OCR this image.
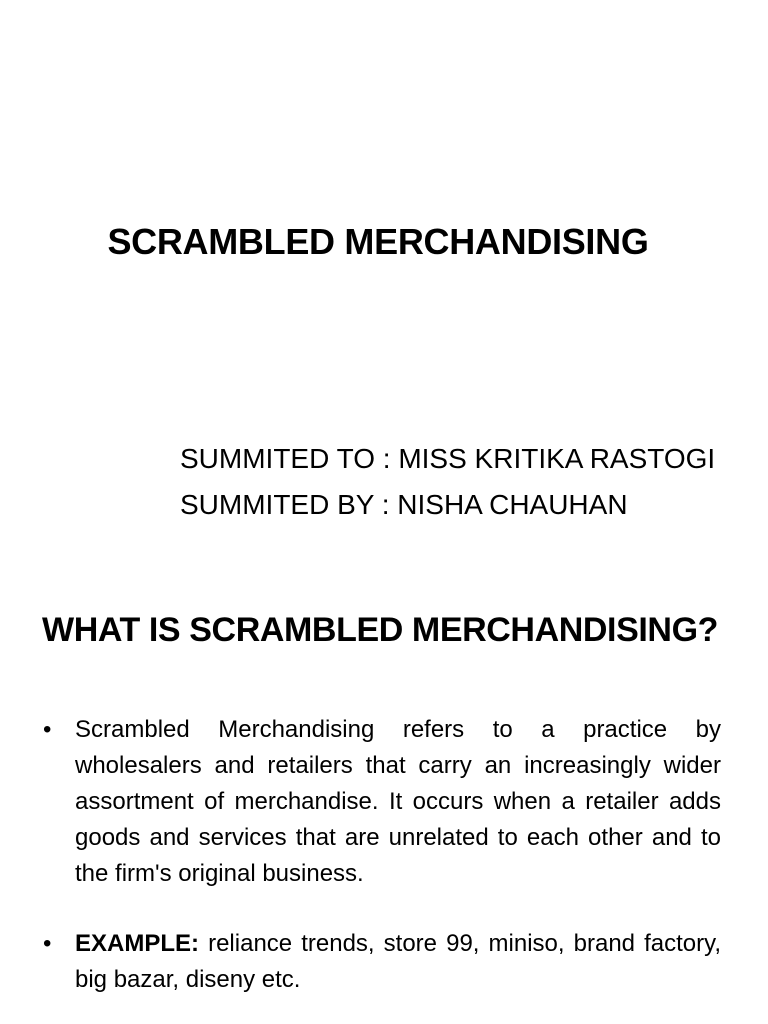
SCRAMBLED MERCHANDISING
SUMMITED TO : MISS KRITIKA RASTOGI
SUMMITED BY : NISHA CHAUHAN
WHAT IS SCRAMBLED MERCHANDISING?
• Scrambled Merchandising refers to a practice by wholesalers and retailers that carry an increasingly wider assortment of merchandise. It occurs when a retailer adds goods and services that are unrelated to each other and to the firm's original business.
• EXAMPLE: reliance trends, store 99, miniso, brand factory, big bazar, diseny etc.
